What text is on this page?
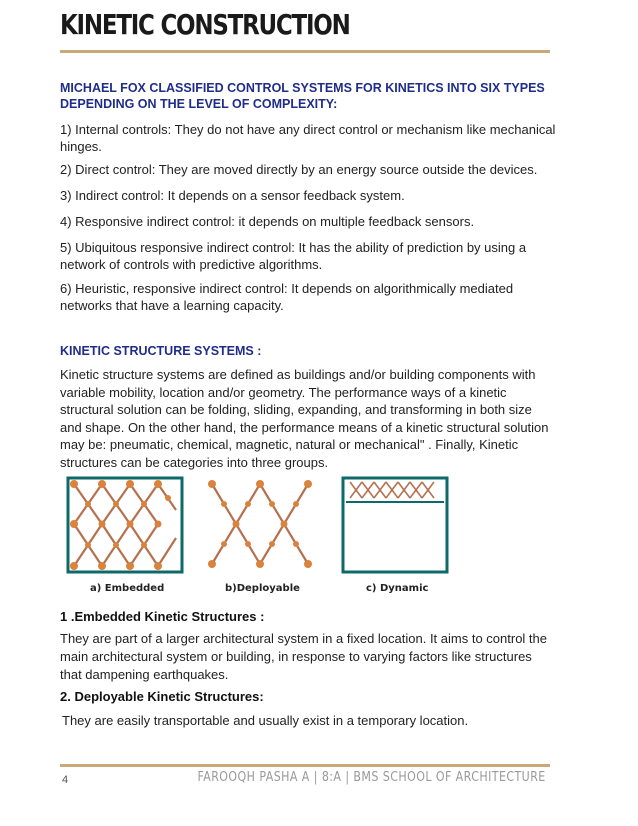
KINETIC CONSTRUCTION
MICHAEL FOX CLASSIFIED CONTROL SYSTEMS FOR KINETICS INTO SIX TYPES DEPENDING ON THE LEVEL OF COMPLEXITY:
1) Internal controls: They do not have any direct control or mechanism like mechanical hinges.
2) Direct control: They are moved directly by an energy source outside the devices.
3) Indirect control: It depends on a sensor feedback system.
4) Responsive indirect control: it depends on multiple feedback sensors.
5) Ubiquitous responsive indirect control: It has the ability of prediction by using a network of controls with predictive algorithms.
6) Heuristic, responsive indirect control: It depends on algorithmically mediated networks that have a learning capacity.
KINETIC STRUCTURE SYSTEMS :
Kinetic structure systems are defined as buildings and/or building components with variable mobility, location and/or geometry. The performance ways of a kinetic structural solution can be folding, sliding, expanding, and transforming in both size and shape. On the other hand, the performance means of a kinetic structural solution may be: pneumatic, chemical, magnetic, natural or mechanical" . Finally, Kinetic structures can be categories into three groups.
a) Embedded	b)Deployable	c) Dynamic
1 .Embedded Kinetic Structures :
They are part of a larger architectural system in a fixed location. It aims to control the main architectural system or building, in response to varying factors like structures that dampening earthquakes.
2. Deployable Kinetic Structures:
They are easily transportable and usually exist in a temporary location.
4	FAROOQH PASHA A | 8:A | BMS SCHOOL OF ARCHITECTURE
